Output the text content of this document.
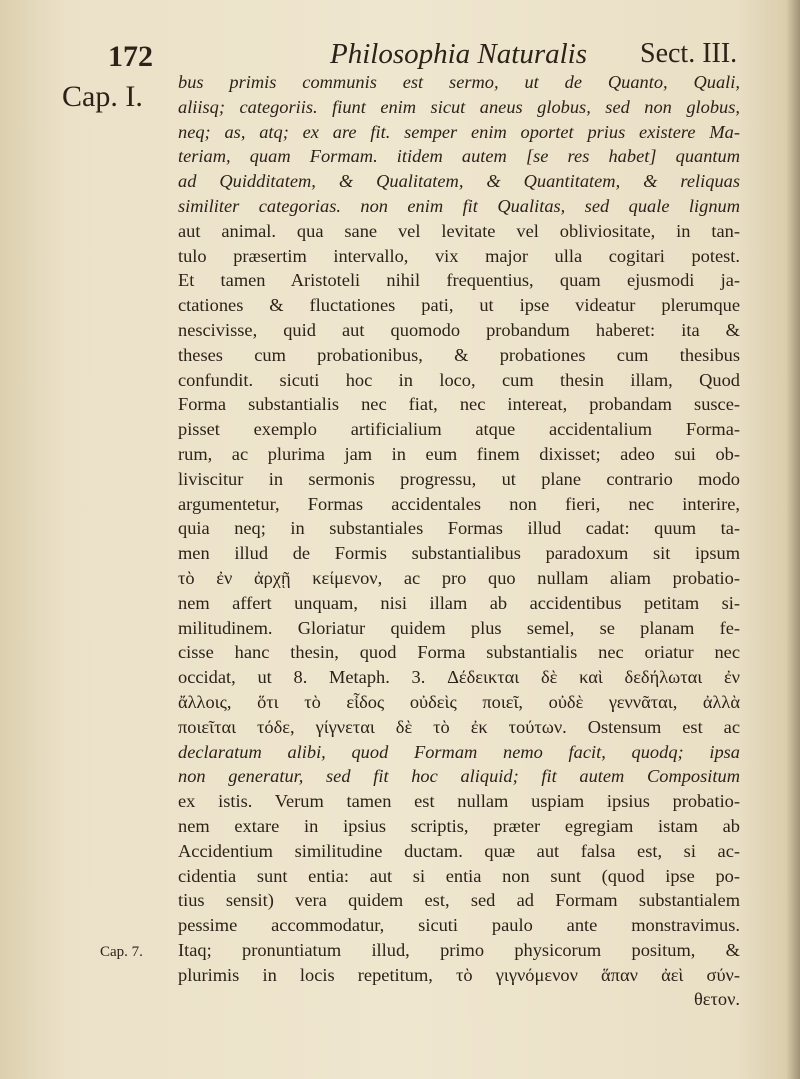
172	Philosophia Naturalis Sect. III.
Cap. I.
Cap. 7.
bus primis communis est sermo, ut de Quanto, Quali,
aliisq; categoriis. fiunt enim sicut aneus globus, sed non globus,
neq; as, atq; ex are fit. semper enim oportet prius existere Ma-
teriam, quam Formam. itidem autem [se res habet] quantum
ad Quidditatem, & Qualitatem, & Quantitatem, & reliquas
similiter categorias. non enim fit Qualitas, sed quale lignum
aut animal. qua sane vel levitate vel obliviositate, in tan-
tulo præsertim intervallo, vix major ulla cogitari potest.
Et tamen Aristoteli nihil frequentius, quam ejusmodi ja-
ctationes & fluctationes pati, ut ipse videatur plerumque
nescivisse, quid aut quomodo probandum haberet: ita &
theses cum probationibus, & probationes cum thesibus
confundit. sicuti hoc in loco, cum thesin illam, Quod
Forma substantialis nec fiat, nec intereat, probandam susce-
pisset exemplo artificialium atque accidentalium Forma-
rum, ac plurima jam in eum finem dixisset; adeo sui ob-
liviscitur in sermonis progressu, ut plane contrario modo
argumentetur, Formas accidentales non fieri, nec interire,
quia neq; in substantiales Formas illud cadat: quum ta-
men illud de Formis substantialibus paradoxum sit ipsum
τὸ ἐν ἀρχῇ κείμενον, ac pro quo nullam aliam probatio-
nem affert unquam, nisi illam ab accidentibus petitam si-
militudinem. Gloriatur quidem plus semel, se planam fe-
cisse hanc thesin, quod Forma substantialis nec oriatur nec
occidat, ut 8. Metaph. 3. Δέδεικται δὲ καὶ δεδήλωται ἐν
ἄλλοις, ὅτι τὸ εἶδος οὐδεὶς ποιεῖ, οὐδὲ γεννᾶται, ἀλλὰ
ποιεῖται τόδε, γίγνεται δὲ τὸ ἐκ τούτων. Ostensum est ac
declaratum alibi, quod Formam nemo facit, quodq; ipsa
non generatur, sed fit hoc aliquid; fit autem Compositum
ex istis. Verum tamen est nullam uspiam ipsius probatio-
nem extare in ipsius scriptis, præter egregiam istam ab
Accidentium similitudine ductam. quæ aut falsa est, si ac-
cidentia sunt entia: aut si entia non sunt (quod ipse po-
tius sensit) vera quidem est, sed ad Formam substantialem
pessime accommodatur, sicuti paulo ante monstravimus.
Itaq; pronuntiatum illud, primo physicorum positum, &
plurimis in locis repetitum, τὸ γιγνόμενον ἅπαν ἀεὶ σύν-
θετον.
